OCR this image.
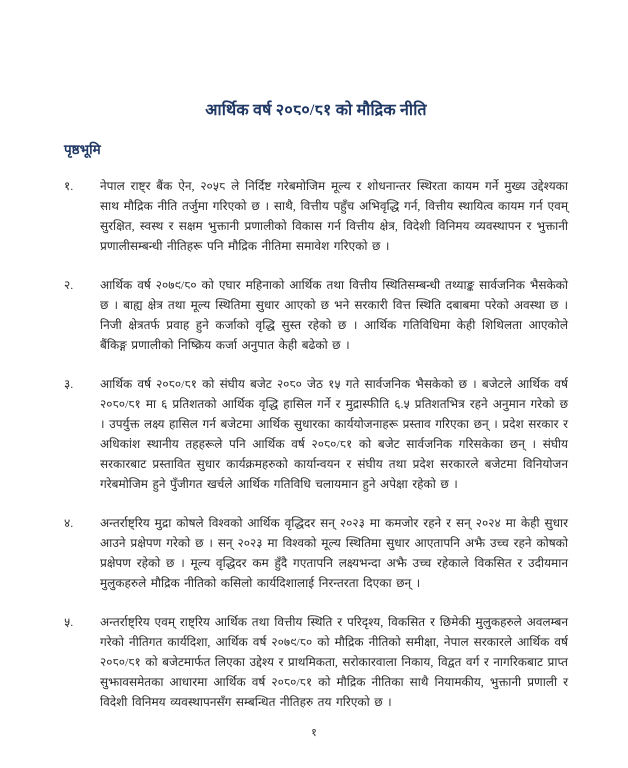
आर्थिक वर्ष २०८०/८१ को मौद्रिक नीति
पृष्ठभूमि
१.	नेपाल राष्ट्र बैंक ऐन, २०५८ ले निर्दिष्ट गरेबमोजिम मूल्य र शोधनान्तर स्थिरता कायम गर्ने मुख्य उद्देश्यका साथ मौद्रिक नीति तर्जुमा गरिएको छ । साथै, वित्तीय पहुँच अभिवृद्धि गर्न, वित्तीय स्थायित्व कायम गर्न एवम् सुरक्षित, स्वस्थ र सक्षम भुक्तानी प्रणालीको विकास गर्न वित्तीय क्षेत्र, विदेशी विनिमय व्यवस्थापन र भुक्तानी प्रणालीसम्बन्धी नीतिहरू पनि मौद्रिक नीतिमा समावेश गरिएको छ ।
२.	आर्थिक वर्ष २०७९/८० को एघार महिनाको आर्थिक तथा वित्तीय स्थितिसम्बन्धी तथ्याङ्क सार्वजनिक भैसकेको छ । बाह्य क्षेत्र तथा मूल्य स्थितिमा सुधार आएको छ भने सरकारी वित्त स्थिति दबाबमा परेको अवस्था छ । निजी क्षेत्रतर्फ प्रवाह हुने कर्जाको वृद्धि सुस्त रहेको छ । आर्थिक गतिविधिमा केही शिथिलता आएकोले बैंकिङ्ग प्रणालीको निष्क्रिय कर्जा अनुपात केही बढेको छ ।
३.	आर्थिक वर्ष २०८०/८१ को संघीय बजेट २०८० जेठ १५ गते सार्वजनिक भैसकेको छ । बजेटले आर्थिक वर्ष २०८०/८१ मा ६ प्रतिशतको आर्थिक वृद्धि हासिल गर्ने र मुद्रास्फीति ६.५ प्रतिशतभित्र रहने अनुमान गरेको छ । उपर्युक्त लक्ष्य हासिल गर्न बजेटमा आर्थिक सुधारका कार्ययोजनाहरू प्रस्ताव गरिएका छन् । प्रदेश सरकार र अधिकांश स्थानीय तहहरूले पनि आर्थिक वर्ष २०८०/८१ को बजेट सार्वजनिक गरिसकेका छन् । संघीय सरकारबाट प्रस्तावित सुधार कार्यक्रमहरुको कार्यान्वयन र संघीय तथा प्रदेश सरकारले बजेटमा विनियोजन गरेबमोजिम हुने पुँजीगत खर्चले आर्थिक गतिविधि चलायमान हुने अपेक्षा रहेको छ ।
४.	अन्तर्राष्ट्रिय मुद्रा कोषले विश्वको आर्थिक वृद्धिदर सन् २०२३ मा कमजोर रहने र सन् २०२४ मा केही सुधार आउने प्रक्षेपण गरेको छ । सन् २०२३ मा विश्वको मूल्य स्थितिमा सुधार आएतापनि अझै उच्च रहने कोषको प्रक्षेपण रहेको छ । मूल्य वृद्धिदर कम हुँदै गएतापनि लक्ष्यभन्दा अझै उच्च रहेकाले विकसित र उदीयमान मुलुकहरुले मौद्रिक नीतिको कसिलो कार्यदिशालाई निरन्तरता दिएका छन् ।
५.	अन्तर्राष्ट्रिय एवम् राष्ट्रिय आर्थिक तथा वित्तीय स्थिति र परिदृश्य, विकसित र छिमेकी मुलुकहरुले अवलम्बन गरेको नीतिगत कार्यदिशा, आर्थिक वर्ष २०७९/८० को मौद्रिक नीतिको समीक्षा, नेपाल सरकारले आर्थिक वर्ष २०८०/८१ को बजेटमार्फत लिएका उद्देश्य र प्राथमिकता, सरोकारवाला निकाय, विद्वत वर्ग र नागरिकबाट प्राप्त सुझावसमेतका आधारमा आर्थिक वर्ष २०८०/८१ को मौद्रिक नीतिका साथै नियामकीय, भुक्तानी प्रणाली र विदेशी विनिमय व्यवस्थापनसँग सम्बन्धित नीतिहरु तय गरिएको छ ।
१
